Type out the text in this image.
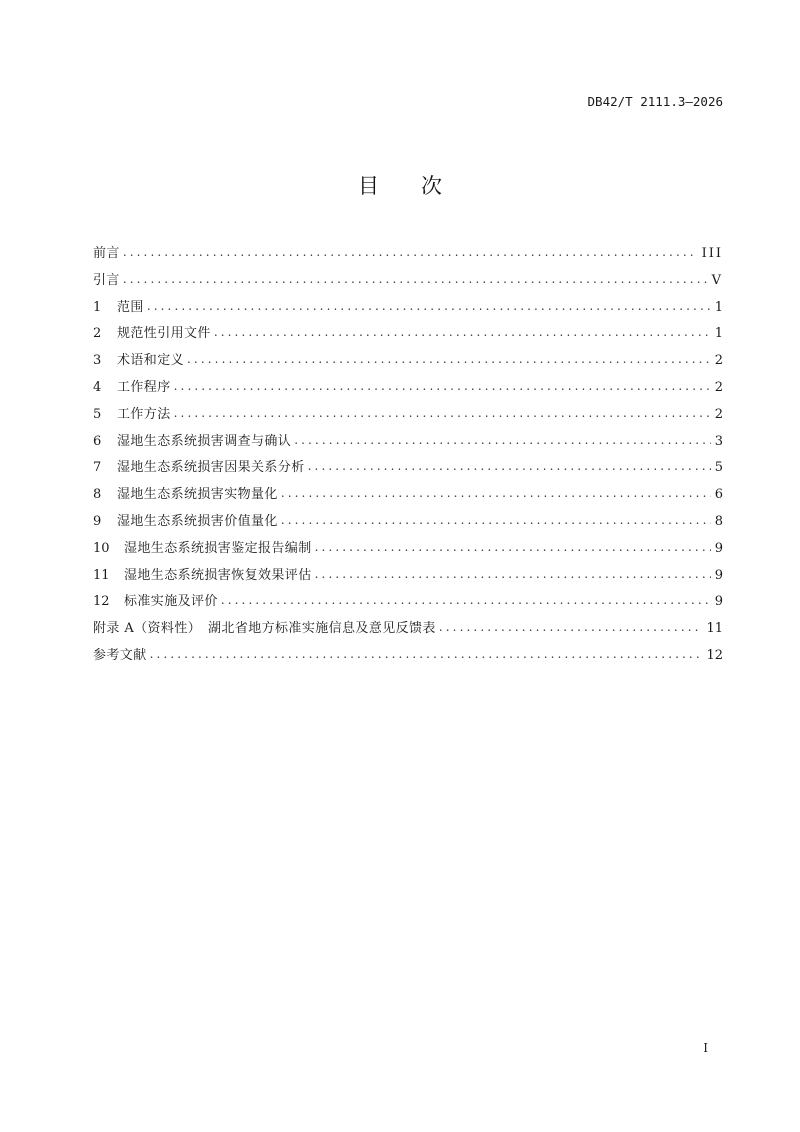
DB42/T 2111.3—2026
目 次
前言 .....	III
引言 .....	V
1	范围 .....	1
2	规范性引用文件 .....	1
3	术语和定义 .....	2
4	工作程序 .....	2
5	工作方法 .....	2
6	湿地生态系统损害调查与确认 .....	3
7	湿地生态系统损害因果关系分析 .....	5
8	湿地生态系统损害实物量化 .....	6
9	湿地生态系统损害价值量化 .....	8
10	湿地生态系统损害鉴定报告编制 .....	9
11	湿地生态系统损害恢复效果评估 .....	9
12	标准实施及评价 .....	9
附录 A（资料性）　湖北省地方标准实施信息及意见反馈表 .....	11
参考文献 .....	12
I
